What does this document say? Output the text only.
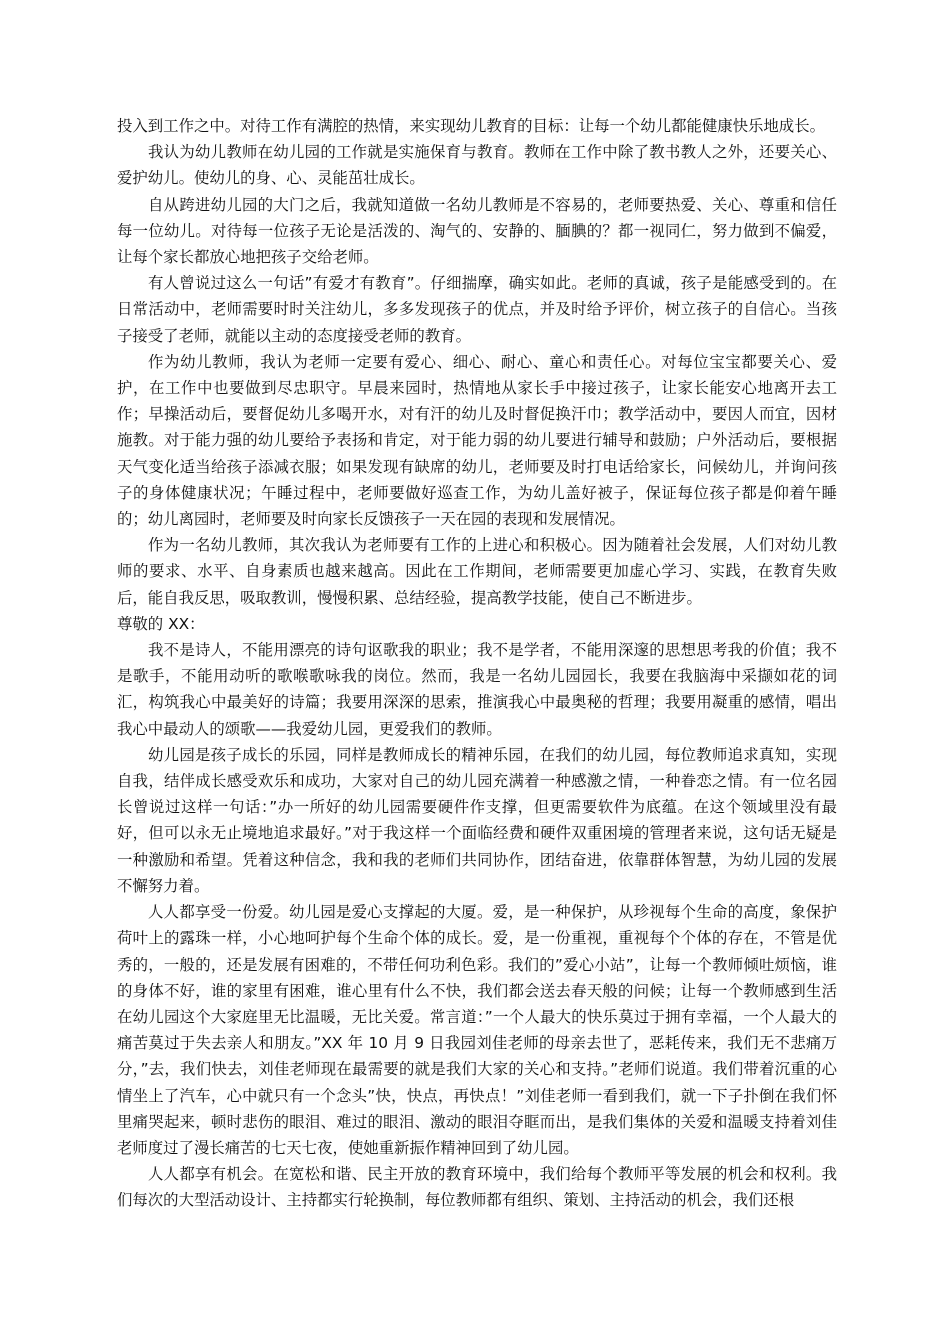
投入到工作之中。对待工作有满腔的热情，来实现幼儿教育的目标：让每一个幼儿都能健康快乐地成长。

我认为幼儿教师在幼儿园的工作就是实施保育与教育。教师在工作中除了教书教人之外，还要关心、爱护幼儿。使幼儿的身、心、灵能茁壮成长。

自从跨进幼儿园的大门之后，我就知道做一名幼儿教师是不容易的，老师要热爱、关心、尊重和信任每一位幼儿。对待每一位孩子无论是活泼的、淘气的、安静的、腼腆的？都一视同仁，努力做到不偏爱，让每个家长都放心地把孩子交给老师。

有人曾说过这么一句话”有爱才有教育”。仔细揣摩，确实如此。老师的真诚，孩子是能感受到的。在日常活动中，老师需要时时关注幼儿，多多发现孩子的优点，并及时给予评价，树立孩子的自信心。当孩子接受了老师，就能以主动的态度接受老师的教育。

作为幼儿教师，我认为老师一定要有爱心、细心、耐心、童心和责任心。对每位宝宝都要关心、爱护，在工作中也要做到尽忠职守。早晨来园时，热情地从家长手中接过孩子，让家长能安心地离开去工作；早操活动后，要督促幼儿多喝开水，对有汗的幼儿及时督促换汗巾；教学活动中，要因人而宜，因材施教。对于能力强的幼儿要给予表扬和肯定，对于能力弱的幼儿要进行辅导和鼓励；户外活动后，要根据天气变化适当给孩子添减衣服；如果发现有缺席的幼儿，老师要及时打电话给家长，问候幼儿，并询问孩子的身体健康状况；午睡过程中，老师要做好巡查工作，为幼儿盖好被子，保证每位孩子都是仰着午睡的；幼儿离园时，老师要及时向家长反馈孩子一天在园的表现和发展情况。

作为一名幼儿教师，其次我认为老师要有工作的上进心和积极心。因为随着社会发展，人们对幼儿教师的要求、水平、自身素质也越来越高。因此在工作期间，老师需要更加虚心学习、实践，在教育失败后，能自我反思，吸取教训，慢慢积累、总结经验，提高教学技能，使自己不断进步。

尊敬的 XX：

我不是诗人，不能用漂亮的诗句讴歌我的职业；我不是学者，不能用深邃的思想思考我的价值；我不是歌手，不能用动听的歌喉歌咏我的岗位。然而，我是一名幼儿园园长，我要在我脑海中采撷如花的词汇，构筑我心中最美好的诗篇；我要用深深的思索，推演我心中最奥秘的哲理；我要用凝重的感情，唱出我心中最动人的颂歌——我爱幼儿园，更爱我们的教师。

幼儿园是孩子成长的乐园，同样是教师成长的精神乐园，在我们的幼儿园，每位教师追求真知，实现自我，结伴成长感受欢乐和成功，大家对自己的幼儿园充满着一种感激之情，一种眷恋之情。有一位名园长曾说过这样一句话：”办一所好的幼儿园需要硬件作支撑，但更需要软件为底蕴。在这个领域里没有最好，但可以永无止境地追求最好。”对于我这样一个面临经费和硬件双重困境的管理者来说，这句话无疑是一种激励和希望。凭着这种信念，我和我的老师们共同协作，团结奋进，依靠群体智慧，为幼儿园的发展不懈努力着。

人人都享受一份爱。幼儿园是爱心支撑起的大厦。爱，是一种保护，从珍视每个生命的高度，象保护荷叶上的露珠一样，小心地呵护每个生命个体的成长。爱，是一份重视，重视每个个体的存在，不管是优秀的，一般的，还是发展有困难的，不带任何功利色彩。我们的”爱心小站”，让每一个教师倾吐烦恼，谁的身体不好，谁的家里有困难，谁心里有什么不快，我们都会送去春天般的问候；让每一个教师感到生活在幼儿园这个大家庭里无比温暖，无比关爱。常言道：”一个人最大的快乐莫过于拥有幸福，一个人最大的痛苦莫过于失去亲人和朋友。”XX 年 10 月 9 日我园刘佳老师的母亲去世了，恶耗传来，我们无不悲痛万分，”去，我们快去，刘佳老师现在最需要的就是我们大家的关心和支持。”老师们说道。我们带着沉重的心情坐上了汽车，心中就只有一个念头”快，快点，再快点！”刘佳老师一看到我们，就一下子扑倒在我们怀里痛哭起来，顿时悲伤的眼泪、难过的眼泪、激动的眼泪夺眶而出，是我们集体的关爱和温暖支持着刘佳老师度过了漫长痛苦的七天七夜，使她重新振作精神回到了幼儿园。

人人都享有机会。在宽松和谐、民主开放的教育环境中，我们给每个教师平等发展的机会和权利。我们每次的大型活动设计、主持都实行轮换制，每位教师都有组织、策划、主持活动的机会，我们还根
